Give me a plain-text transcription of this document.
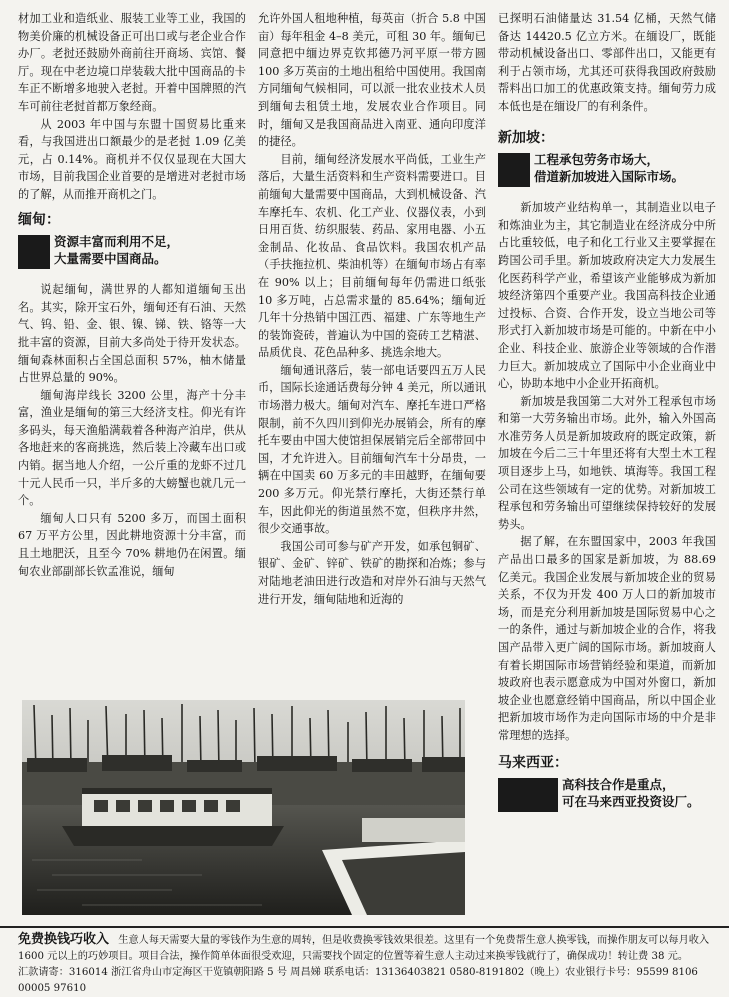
材加工业和造纸业、服装工业等工业，我国的物美价廉的机械设备正可出口或与老企业合作办厂。老挝还鼓励外商前往开商场、宾馆、餐厅。现在中老边境口岸装载大批中国商品的卡车正不断增多地驶入老挝。开着中国牌照的汽车可前往老挝首都万象经商。

从 2003 年中国与东盟十国贸易比重来看，与我国进出口额最少的是老挝 1.09 亿美元，占 0.14%。商机并不仅仅显现在大国大市场，目前我国企业首要的是增进对老挝市场的了解，从而推开商机之门。

缅甸：
资源丰富而利用不足，
大量需要中国商品。

说起缅甸，满世界的人都知道缅甸玉出名。其实，除开宝石外，缅甸还有石油、天然气、钨、铅、金、银、镍、锑、铁、铬等一大批丰富的资源，目前大多尚处于待开发状态。缅甸森林面积占全国总面积 57%，柚木储量占世界总量的 90%。

缅甸海岸线长 3200 公里，海产十分丰富，渔业是缅甸的第三大经济支柱。仰光有许多码头，每天渔船满载着各种海产泊岸，供从各地赶来的客商挑选，然后装上冷藏车出口或内销。据当地人介绍，一公斤重的龙虾不过几十元人民币一只，半斤多的大螃蟹也就几元一个。

缅甸人口只有 5200 多万，而国土面积 67 万平方公里，因此耕地资源十分丰富，而且土地肥沃，且至今 70% 耕地仍在闲置。缅甸农业部副部长钦孟准说，缅甸

允许外国人租地种植，每英亩（折合 5.8 中国亩）每年租金 4–8 美元，可租 30 年。缅甸已同意把中缅边界克钦邦德乃河平原一带方圆 100 多万英亩的土地出租给中国使用。我国南方同缅甸气候相同，可以派一批农业技术人员到缅甸去租赁土地，发展农业合作项目。同时，缅甸又是我国商品进入南亚、通向印度洋的捷径。

目前，缅甸经济发展水平尚低，工业生产落后，大量生活资料和生产资料需要进口。目前缅甸大量需要中国商品，大到机械设备、汽车摩托车、农机、化工产业、仪器仪表，小到日用百货、纺织服装、药品、家用电器、小五金制品、化妆品、食品饮料。我国农机产品（手扶拖拉机、柴油机等）在缅甸市场占有率在 90% 以上；目前缅甸每年仍需进口纸张 10 多万吨，占总需求量的 85.64%；缅甸近几年十分热销中国江西、福建、广东等地生产的装饰瓷砖，普遍认为中国的瓷砖工艺精湛、品质优良、花色品种多、挑选余地大。

缅甸通讯落后，装一部电话要四五万人民币，国际长途通话费每分钟 4 美元，所以通讯市场潜力极大。缅甸对汽车、摩托车进口严格限制，前不久四川到仰光办展销会，所有的摩托车要由中国大使馆担保展销完后全部带回中国，才允许进入。目前缅甸汽车十分昂贵，一辆在中国卖 60 万多元的丰田越野，在缅甸要 200 多万元。仰光禁行摩托，大街还禁行单车，因此仰光的街道虽然不宽，但秩序井然，很少交通事故。

我国公司可参与矿产开发，如承包铜矿、银矿、金矿、锌矿、铁矿的勘探和冶炼；参与对陆地老油田进行改造和对岸外石油与天然气进行开发，缅甸陆地和近海的

已探明石油储量达 31.54 亿桶，天然气储备达 14420.5 亿立方米。在缅设厂，既能带动机械设备出口、零部件出口，又能更有利于占领市场，尤其还可获得我国政府鼓励帮料出口加工的优惠政策支持。缅甸劳力成本低也是在缅设厂的有利条件。

新加坡：
工程承包劳务市场大，
借道新加坡进入国际市场。

新加坡产业结构单一，其制造业以电子和炼油业为主，其它制造业在经济成分中所占比重较低，电子和化工行业又主要掌握在跨国公司手里。新加坡政府决定大力发展生化医药科学产业，希望该产业能够成为新加坡经济第四个重要产业。我国高科技企业通过投标、合资、合作开发，设立当地公司等形式打入新加坡市场是可能的。中新在中小企业、科技企业、旅游企业等领域的合作潜力巨大。新加坡成立了国际中小企业商业中心，协助本地中小企业开拓商机。

新加坡是我国第二大对外工程承包市场和第一大劳务输出市场。此外，输入外国高水准劳务人员是新加坡政府的既定政策，新加坡在今后二三十年里还将有大型土木工程项目逐步上马，如地铁、填海等。我国工程公司在这些领域有一定的优势。对新加坡工程承包和劳务输出可望继续保持较好的发展势头。

据了解，在东盟国家中，2003 年我国产品出口最多的国家是新加坡，为 88.69 亿美元。我国企业发展与新加坡企业的贸易关系，不仅为开发 400 万人口的新加坡市场，而是充分利用新加坡是国际贸易中心之一的条件，通过与新加坡企业的合作，将我国产品带入更广阔的国际市场。新加坡商人有着长期国际市场营销经验和渠道，而新加坡政府也表示愿意成为中国对外窗口，新加坡企业也愿意经销中国商品，所以中国企业把新加坡市场作为走向国际市场的中介是非常理想的选择。

马来西亚：
高科技合作是重点，
可在马来西亚投资设厂。

免费换钱巧收入 生意人每天需要大量的零钱作为生意的周转，但是收费换零钱效果很差。这里有一个免费帮生意人换零钱，而操作朋友可以每月收入 1600 元以上的巧妙项目。项目合法，操作简单体面很受欢迎，只需要找个固定的位置等着生意人主动过来换零钱就行了，确保成功！转让费 38 元。

汇款请寄：316014 浙江省舟山市定海区干览镇朝阳路 5 号 周昌娣 联系电话：13136403821 0580-8191802（晚上）农业银行卡号：95599 8106 00005 97610
